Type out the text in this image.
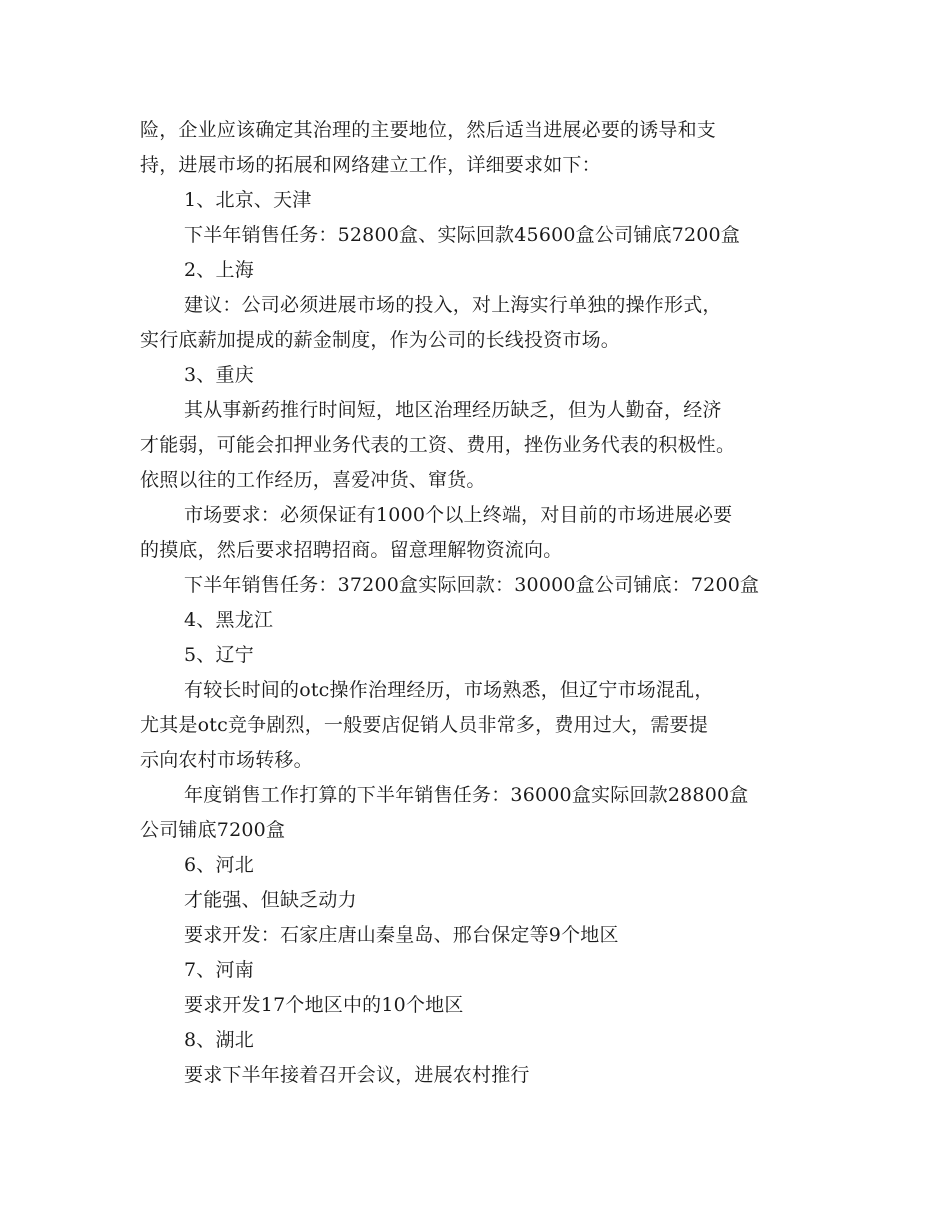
险，企业应该确定其治理的主要地位，然后适当进展必要的诱导和支
持，进展市场的拓展和网络建立工作，详细要求如下：
1、北京、天津
下半年销售任务：52800盒、实际回款45600盒公司铺底7200盒
2、上海
建议：公司必须进展市场的投入，对上海实行单独的操作形式，
实行底薪加提成的薪金制度，作为公司的长线投资市场。
3、重庆
其从事新药推行时间短，地区治理经历缺乏，但为人勤奋，经济
才能弱，可能会扣押业务代表的工资、费用，挫伤业务代表的积极性。
依照以往的工作经历，喜爱冲货、窜货。
市场要求：必须保证有1000个以上终端，对目前的市场进展必要
的摸底，然后要求招聘招商。留意理解物资流向。
下半年销售任务：37200盒实际回款：30000盒公司铺底：7200盒
4、黑龙江
5、辽宁
有较长时间的otc操作治理经历，市场熟悉，但辽宁市场混乱，
尤其是otc竞争剧烈，一般要店促销人员非常多，费用过大，需要提
示向农村市场转移。
年度销售工作打算的下半年销售任务：36000盒实际回款28800盒
公司铺底7200盒
6、河北
才能强、但缺乏动力
要求开发：石家庄唐山秦皇岛、邢台保定等9个地区
7、河南
要求开发17个地区中的10个地区
8、湖北
要求下半年接着召开会议，进展农村推行
